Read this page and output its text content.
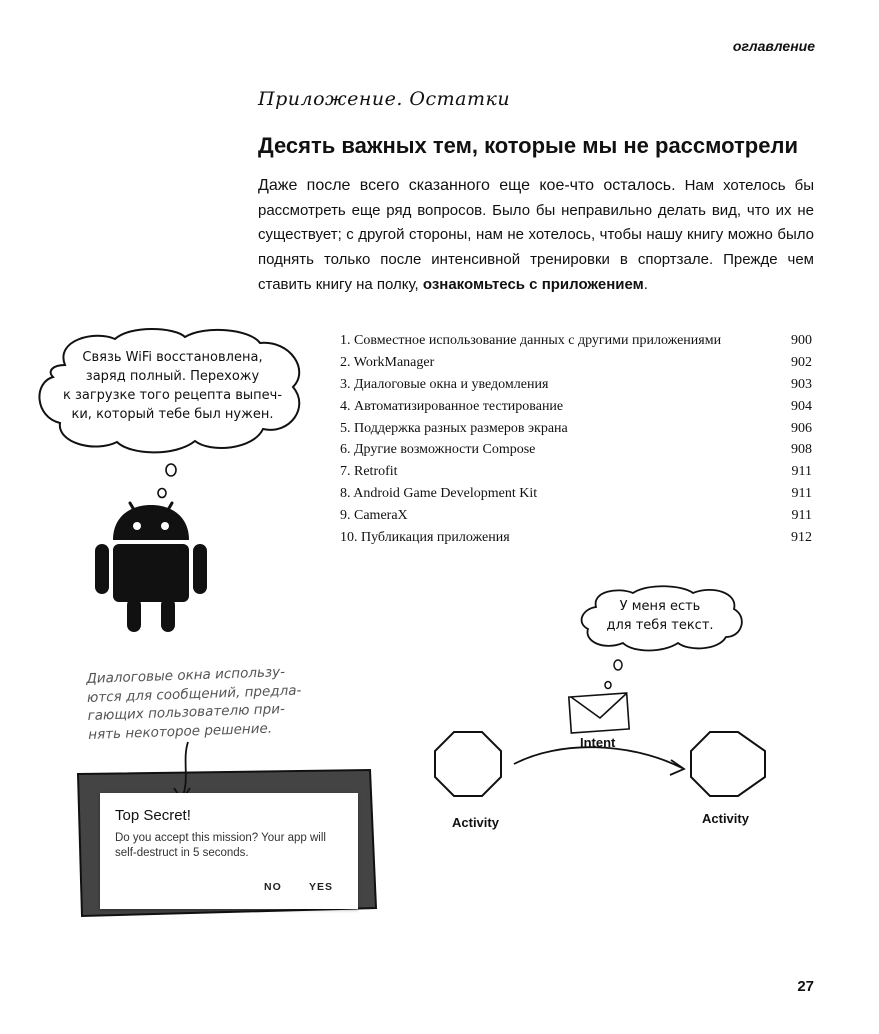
оглавление
Приложение. Остатки
Десять важных тем, которые мы не рассмотрели
Даже после всего сказанного еще кое-что осталось. Нам хотелось бы рассмотреть еще ряд вопросов. Было бы неправильно делать вид, что их не существует; с другой стороны, нам не хотелось, чтобы нашу книгу можно было поднять только после интенсивной тренировки в спортзале. Прежде чем ставить книгу на полку, ознакомьтесь с приложением.
1. Совместное использование данных с другими приложениями	900
2. WorkManager	902
3. Диалоговые окна и уведомления	903
4. Автоматизированное тестирование	904
5. Поддержка разных размеров экрана	906
6. Другие возможности Compose	908
7. Retrofit	911
8. Android Game Development Kit	911
9. CameraX	911
10. Публикация приложения	912
Связь WiFi восстановлена,
заряд полный. Перехожу
к загрузке того рецепта выпеч-
ки, который тебе был нужен.
Диалоговые окна использу-
ются для сообщений, предла-
гающих пользователю при-
нять некоторое решение.
Top Secret!
Do you accept this mission? Your app will self-destruct in 5 seconds.
NO	YES
У меня есть
для тебя текст.
Intent
Activity	Activity
27
